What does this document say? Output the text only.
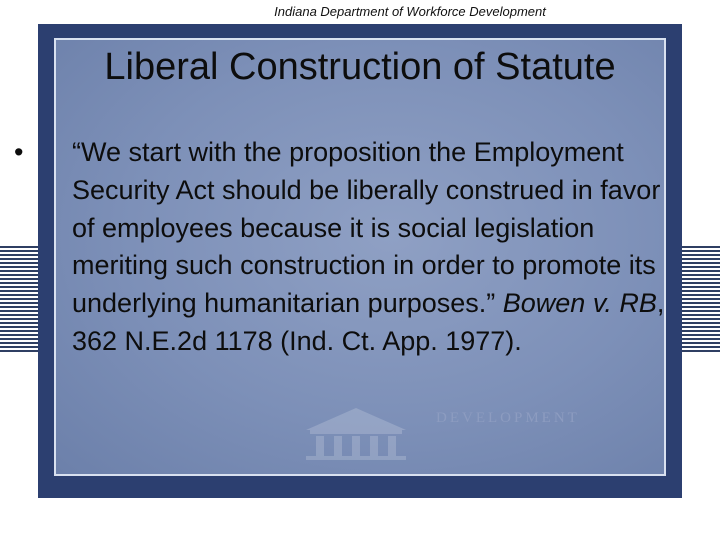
Indiana Department of Workforce Development
DEVELOPMENT
Liberal Construction of Statute
• “We start with the proposition the Employment Security Act should be liberally construed in favor of employees because it is social legislation meriting such construction in order to promote its underlying humanitarian purposes.” Bowen v. RB, 362 N.E.2d 1178 (Ind. Ct. App. 1977).
